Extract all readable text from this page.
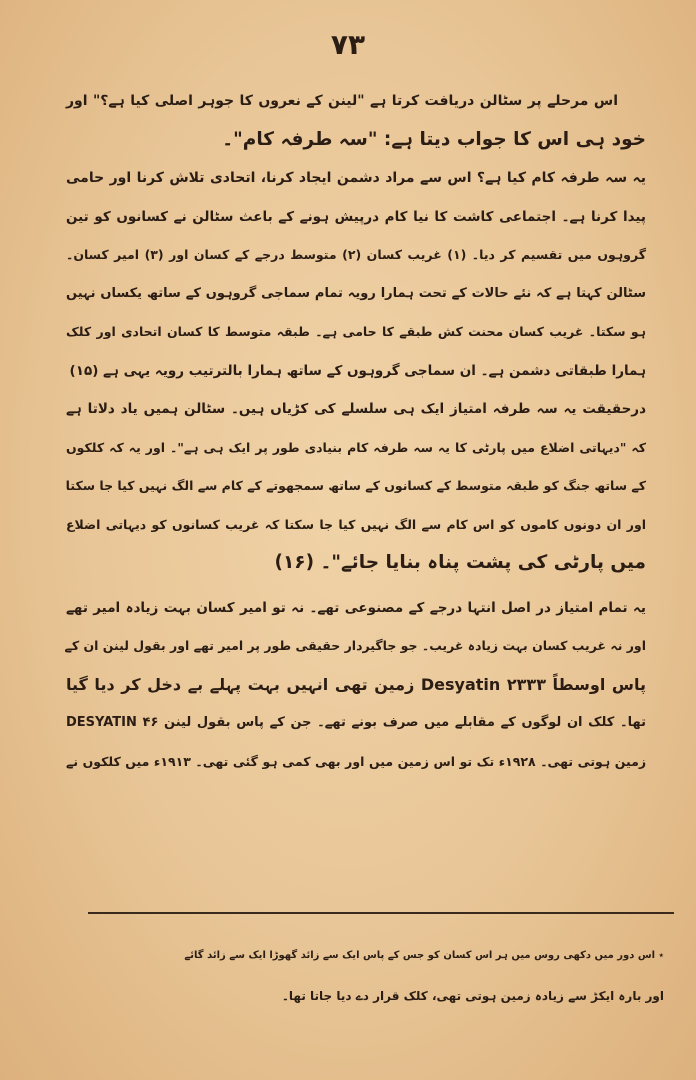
۷۳
اس مرحلے پر سٹالن دریافت کرتا ہے "لینن کے نعروں کا جوہر اصلی کیا ہے؟" اور
خود ہی اس کا جواب دیتا ہے: "سہ طرفہ کام"۔
یہ سہ طرفہ کام کیا ہے؟ اس سے مراد دشمن ایجاد کرنا، اتحادی تلاش کرنا اور حامی
پیدا کرنا ہے۔ اجتماعی کاشت کا نیا کام درپیش ہونے کے باعث سٹالن نے کسانوں کو تین
گروہوں میں تقسیم کر دیا۔ (۱) غریب کسان (۲) متوسط درجے کے کسان اور (۳) امیر کسان۔
سٹالن کہتا ہے کہ نئے حالات کے تحت ہمارا رویہ تمام سماجی گروہوں کے ساتھ یکساں نہیں
ہو سکتا۔ غریب کسان محنت کش طبقے کا حامی ہے۔ طبقہ متوسط کا کسان اتحادی اور کلک
ہمارا طبقاتی دشمن ہے۔ ان سماجی گروہوں کے ساتھ ہمارا بالترتیب رویہ یہی ہے (۱۵)
درحقیقت یہ سہ طرفہ امتیاز ایک ہی سلسلے کی کڑیاں ہیں۔ سٹالن ہمیں یاد دلاتا ہے
کہ "دیہاتی اضلاع میں پارٹی کا یہ سہ طرفہ کام بنیادی طور پر ایک ہی ہے"۔ اور یہ کہ کلکوں
کے ساتھ جنگ کو طبقہ متوسط کے کسانوں کے ساتھ سمجھوتے کے کام سے الگ نہیں کیا جا سکتا
اور ان دونوں کاموں کو اس کام سے الگ نہیں کیا جا سکتا کہ غریب کسانوں کو دیہاتی اضلاع
میں پارٹی کی پشت پناہ بنایا جائے"۔ (۱۶)
یہ تمام امتیاز در اصل انتہا درجے کے مصنوعی تھے۔ نہ تو امیر کسان بہت زیادہ امیر تھے
اور نہ غریب کسان بہت زیادہ غریب۔ جو جاگیردار حقیقی طور پر امیر تھے اور بقول لینن ان کے
پاس اوسطاً ۲۳۳۳ Desyatin زمین تھی انہیں بہت پہلے بے دخل کر دیا گیا
تھا۔ کلک ان لوگوں کے مقابلے میں صرف بونے تھے۔ جن کے پاس بقول لینن DESYATIN ۴۶
زمین ہوتی تھی۔ ۱۹۲۸ء تک تو اس زمین میں اور بھی کمی ہو گئی تھی۔ ۱۹۱۳ء میں کلکوں نے
٭ اس دور میں دکھی روس میں ہر اس کسان کو جس کے پاس ایک سے زائد گھوڑا ایک سے زائد گائے
اور بارہ ایکڑ سے زیادہ زمین ہوتی تھی، کلک قرار دے دیا جاتا تھا۔
